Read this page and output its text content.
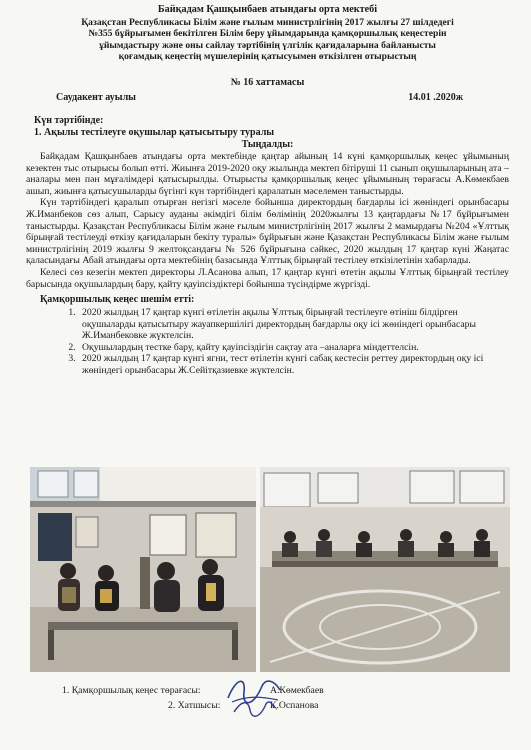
Байқадам Қашқынбаев атындағы орта мектебі
Қазақстан Республикасы Білім және ғылым министрлігінің 2017 жылғы 27 шілдедегі
№355 бұйрығымен бекітілген Білім беру ұйымдарында қамқоршылық кеңестерін
ұйымдастыру және оны сайлау тәртібінің үлгілік қағидаларына байланысты
қоғамдық кеңестің мүшелерінің қатысуымен өткізілген отырыстың
№ 16 хаттамасы
Саудакент ауылы	14.01 .2020ж
Күн тәртібінде:
1. Ақылы тестілеуге оқушылар қатысытыру туралы
Тыңдалды:

Байқадам Қашқынбаев атындағы орта мектебінде қаңтар айының 14 күні қамқоршылық кеңес ұйымының кезектен тыс отырысы болып өтті. Жиынға 2019-2020 оқу жылында мектеп бітіруші 11 сынып оқушыларының ата –аналары мен пән мұғалімдері қатысырылды. Отырысты қамқоршылық кеңес ұйымының төрағасы А.Көмекбаев ашып, жиынға қатысушыларды бүгінгі күн тәртібіндегі қаралатын мәселемен таныстырды.

Күн тәртібіндегі қаралып отырған негізгі мәселе бойынша директордың бағдарлы ісі жөніндегі орынбасары Ж.Иманбеков сөз алып, Сарысу ауданы әкімдігі білім бөлімінің 2020жылғы 13 қаңтардағы №17 бұйрығымен таныстырды. Қазақстан Республикасы Білім және ғылым министрлігінің 2017 жылғы 2 мамырдағы №204 «Ұлттық бірыңғай тестілеуді өткізу қағидаларын бекіту туралы» бұйрығын және Қазақстан Республикасы Білім және ғылым министрлігінің 2019 жылғы 9 желтоқсандағы № 526 бұйрығына сәйкес, 2020 жылдың 17 қаңтар күні Жаңатас қаласындағы Абай атындағы орта мектебінің базасында Ұлттық бірыңғай тестілеу өткізілетінін хабарлады.

Келесі сөз кезегін мектеп директоры Л.Асанова алып, 17 қаңтар күнгі өтетін ақылы Ұлттық бірыңғай тестілеу барысында оқушылардың бару, қайту қауіпсіздіктері бойынша түсіндірме жүргізді.

Қамқоршылық кеңес шешім етті:
1. 2020 жылдың 17 қаңтар күнгі өтілетін ақылы Ұлттық бірыңғай тестілеуге өтініш білдірген оқушыларды қатысытыру жауапкершілігі директордың бағдарлы оқу ісі жөніндегі орынбасары Ж.Иманбековке жүктелсін.
2. Оқушылардың тестке бару, қайту қауіпсіздігін сақтау ата –аналарға міндеттелсін.
3. 2020 жылдың 17 қаңтар күнгі ягни, тест өтілетін күнгі сабақ кестесін реттеу директордың оқу ісі жөніндегі орынбасары Ж.Сейітқазиевке жүктелсін.
1. Қамқоршылық кеңес төрағасы:	А.Көмекбаев
2. Хатшысы:	Қ.Оспанова
